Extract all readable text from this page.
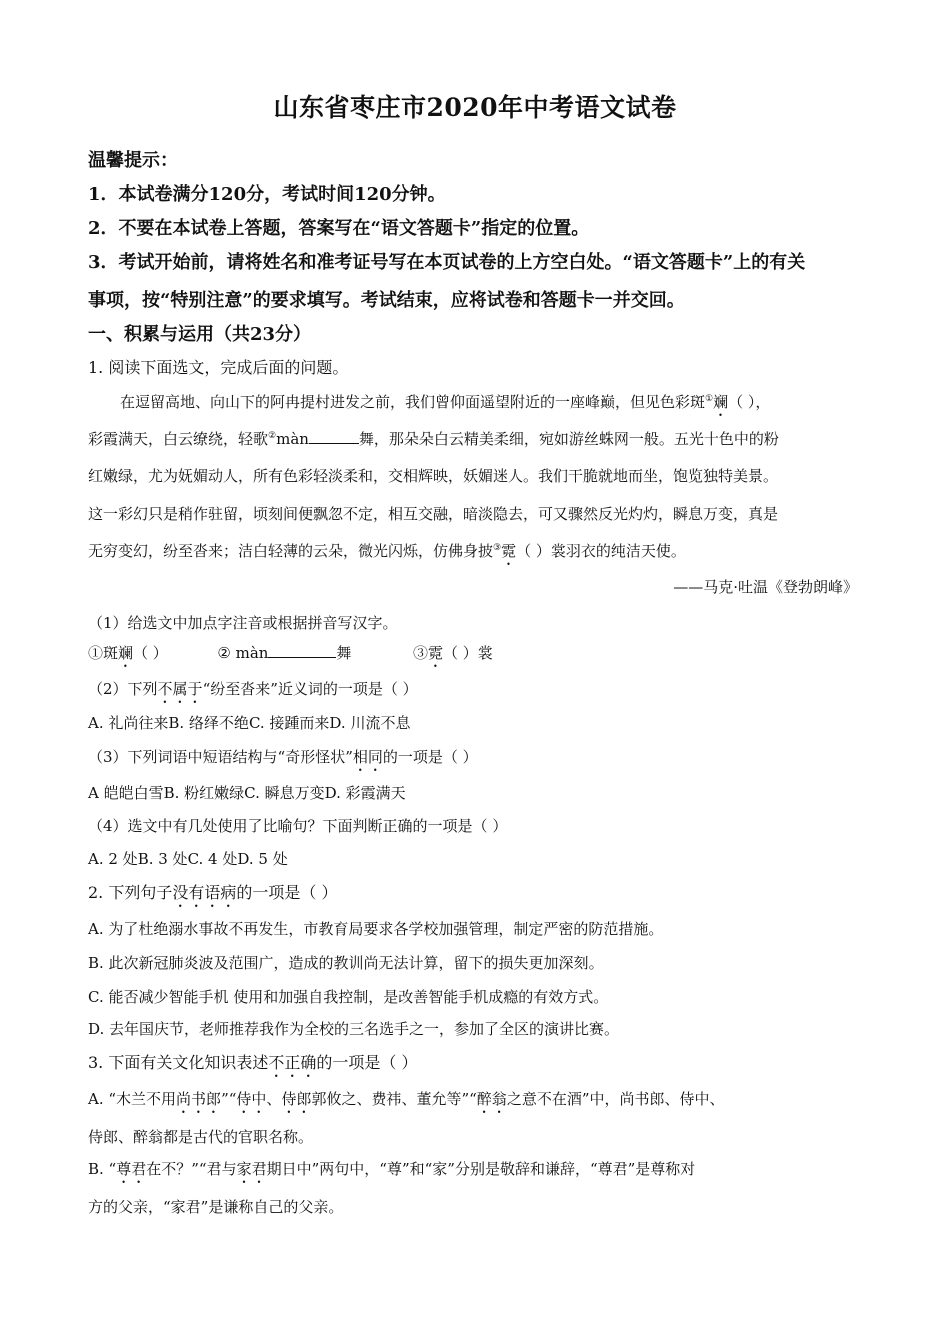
山东省枣庄市2020年中考语文试卷
温馨提示：
1．本试卷满分120分，考试时间120分钟。
2．不要在本试卷上答题，答案写在“语文答题卡”指定的位置。
3．考试开始前，请将姓名和准考证号写在本页试卷的上方空白处。“语文答题卡”上的有关
事项，按“特别注意”的要求填写。考试结束，应将试卷和答题卡一并交回。
一、积累与运用（共23分）
1. 阅读下面选文，完成后面的问题。
在逗留高地、向山下的阿冉提村进发之前，我们曾仰面遥望附近的一座峰巅，但见色彩斑①斓（ ），
彩霞满天，白云缭绕，轻歌②màn	舞，那朵朵白云精美柔细，宛如游丝蛛网一般。五光十色中的粉
红嫩绿，尤为妩媚动人，所有色彩轻淡柔和，交相辉映，妖媚迷人。我们干脆就地而坐，饱览独特美景。
这一彩幻只是稍作驻留，顷刻间便飘忽不定，相互交融，暗淡隐去，可又骤然反光灼灼，瞬息万变，真是
无穷变幻，纷至沓来；洁白轻薄的云朵，微光闪烁，仿佛身披③霓（ ）裳羽衣的纯洁天使。
——马克·吐温《登勃朗峰》
（1）给选文中加点字注音或根据拼音写汉字。
①斑斓（ ）	② màn	舞	③霓（ ）裳
（2）下列不属于“纷至沓来”近义词的一项是（ ）
A. 礼尚往来B. 络绎不绝C. 接踵而来D. 川流不息
（3）下列词语中短语结构与“奇形怪状”相同的一项是（ ）
A 皑皑白雪B. 粉红嫩绿C. 瞬息万变D. 彩霞满天
（4）选文中有几处使用了比喻句？下面判断正确的一项是（ ）
A. 2 处B. 3 处C. 4 处D. 5 处
2. 下列句子没有语病的一项是（ ）
A. 为了杜绝溺水事故不再发生，市教育局要求各学校加强管理，制定严密的防范措施。
B. 此次新冠肺炎波及范围广，造成的教训尚无法计算，留下的损失更加深刻。
C. 能否减少智能手机 使用和加强自我控制，是改善智能手机成瘾的有效方式。
D. 去年国庆节，老师推荐我作为全校的三名选手之一，参加了全区的演讲比赛。
3. 下面有关文化知识表述不正确的一项是（ ）
A. “木兰不用尚书郎”“侍中、侍郎郭攸之、费祎、董允等”“醉翁之意不在酒”中，尚书郎、侍中、
侍郎、醉翁都是古代的官职名称。
B. “尊君在不？”“君与家君期日中”两句中，“尊”和“家”分别是敬辞和谦辞，“尊君”是尊称对
方的父亲，“家君”是谦称自己的父亲。
